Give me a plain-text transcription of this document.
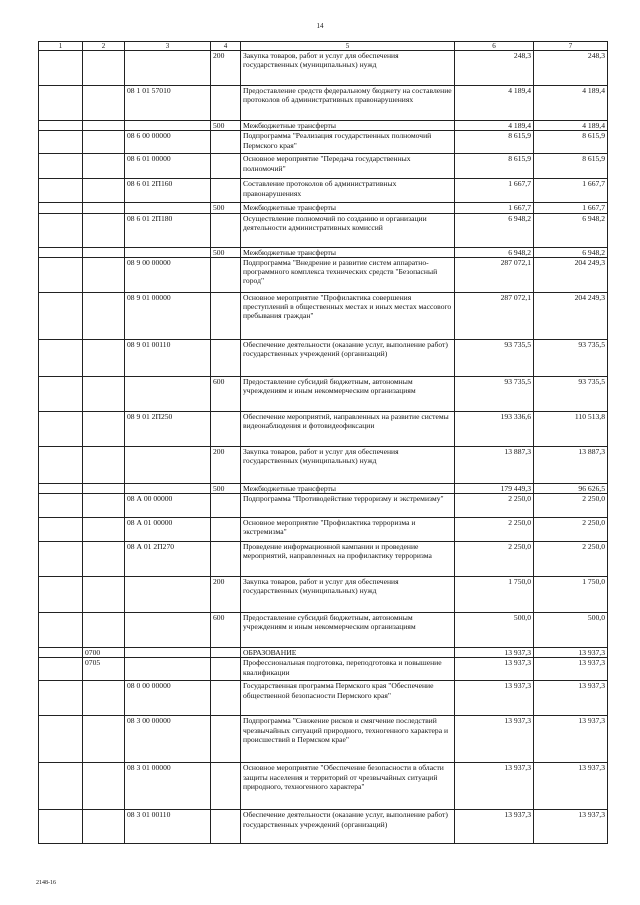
14
1	2	3	4	5	6	7
			200	Закупка товаров, работ и услуг для обеспечения государственных (муниципальных) нужд	248,3	248,3
		08 1 01 57010		Предоставление средств федеральному бюджету на составление протоколов об административных правонарушениях	4 189,4	4 189,4
			500	Межбюджетные трансферты	4 189,4	4 189,4
		08 6 00 00000		Подпрограмма "Реализация государственных полномочий Пермского края"	8 615,9	8 615,9
		08 6 01 00000		Основное мероприятие "Передача государственных полномочий"	8 615,9	8 615,9
		08 6 01 2П160		Составление протоколов об административных правонарушениях	1 667,7	1 667,7
			500	Межбюджетные трансферты	1 667,7	1 667,7
		08 6 01 2П180		Осуществление полномочий по созданию и организации деятельности административных комиссий	6 948,2	6 948,2
			500	Межбюджетные трансферты	6 948,2	6 948,2
		08 9 00 00000		Подпрограмма "Внедрение и развитие систем аппаратно-программного комплекса технических средств "Безопасный город"	287 072,1	204 249,3
		08 9 01 00000		Основное мероприятие "Профилактика совершения преступлений в общественных местах и иных местах массового пребывания граждан"	287 072,1	204 249,3
		08 9 01 00110		Обеспечение деятельности (оказание услуг, выполнение работ) государственных учреждений (организаций)	93 735,5	93 735,5
			600	Предоставление субсидий бюджетным, автономным учреждениям и иным некоммерческим организациям	93 735,5	93 735,5
		08 9 01 2П250		Обеспечение мероприятий, направленных на развитие системы видеонаблюдения и фотовидеофиксации	193 336,6	110 513,8
			200	Закупка товаров, работ и услуг для обеспечения государственных (муниципальных) нужд	13 887,3	13 887,3
			500	Межбюджетные трансферты	179 449,3	96 626,5
		08 А 00 00000		Подпрограмма "Противодействие терроризму и экстремизму"	2 250,0	2 250,0
		08 А 01 00000		Основное мероприятие "Профилактика терроризма и экстремизма"	2 250,0	2 250,0
		08 А 01 2П270		Проведение информационной кампании и проведение мероприятий, направленных на профилактику терроризма	2 250,0	2 250,0
			200	Закупка товаров, работ и услуг для обеспечения государственных (муниципальных) нужд	1 750,0	1 750,0
			600	Предоставление субсидий бюджетным, автономным учреждениям и иным некоммерческим организациям	500,0	500,0
	0700			ОБРАЗОВАНИЕ	13 937,3	13 937,3
	0705			Профессиональная подготовка, переподготовка и повышение квалификации	13 937,3	13 937,3
		08 0 00 00000		Государственная программа Пермского края "Обеспечение общественной безопасности Пермского края"	13 937,3	13 937,3
		08 3 00 00000		Подпрограмма "Снижение рисков и смягчение последствий чрезвычайных ситуаций природного, техногенного характера и происшествий в Пермском крае"	13 937,3	13 937,3
		08 3 01 00000		Основное мероприятие "Обеспечение безопасности в области защиты населения и территорий от чрезвычайных ситуаций природного, техногенного характера"	13 937,3	13 937,3
		08 3 01 00110		Обеспечение деятельности (оказание услуг, выполнение работ) государственных учреждений (организаций)	13 937,3	13 937,3
2148-16
